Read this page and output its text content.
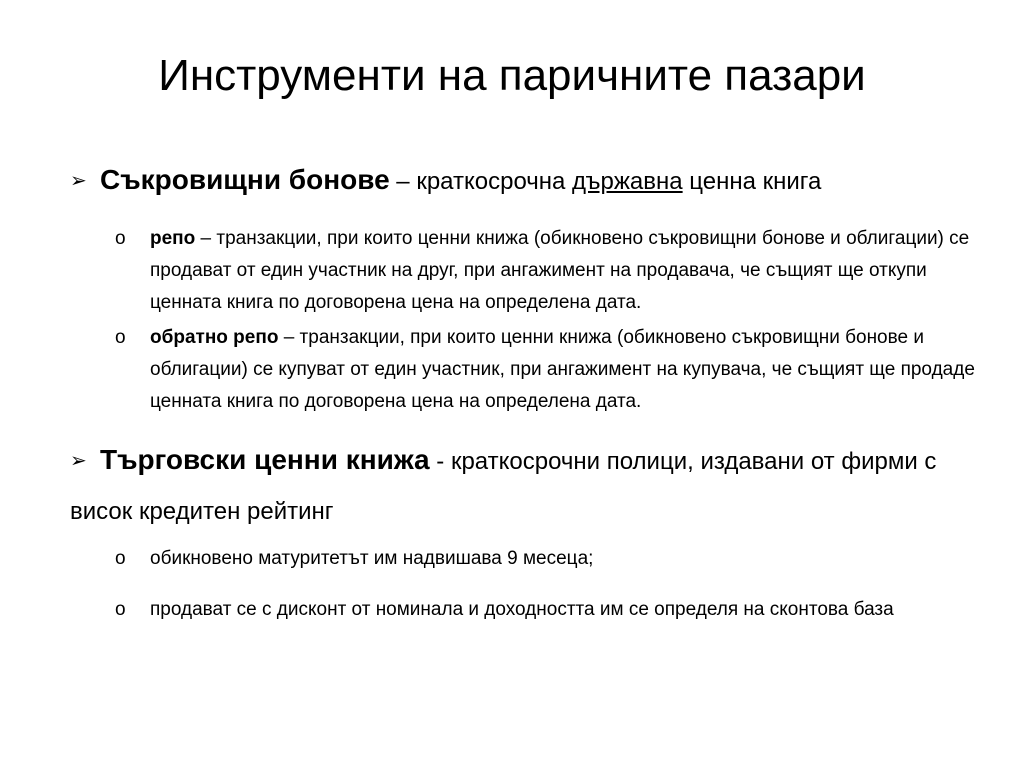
Инструменти на паричните пазари
➢ Съкровищни бонове – краткосрочна държавна ценна книга
o репо – транзакции, при които ценни книжа (обикновено съкровищни бонове и облигации) се продават от един участник на друг, при ангажимент на продавача, че същият ще откупи ценната книга по договорена цена на определена дата.
o обратно репо – транзакции, при които ценни книжа (обикновено съкровищни бонове и облигации) се купуват от един участник, при ангажимент на купувача, че същият ще продаде ценната книга по договорена цена на определена дата.
➢ Търговски ценни книжа - краткосрочни полици, издавани от фирми с висок кредитен рейтинг
o обикновено матуритетът им надвишава 9 месеца;
o продават се с дисконт от номинала и доходността им се определя на сконтова база
